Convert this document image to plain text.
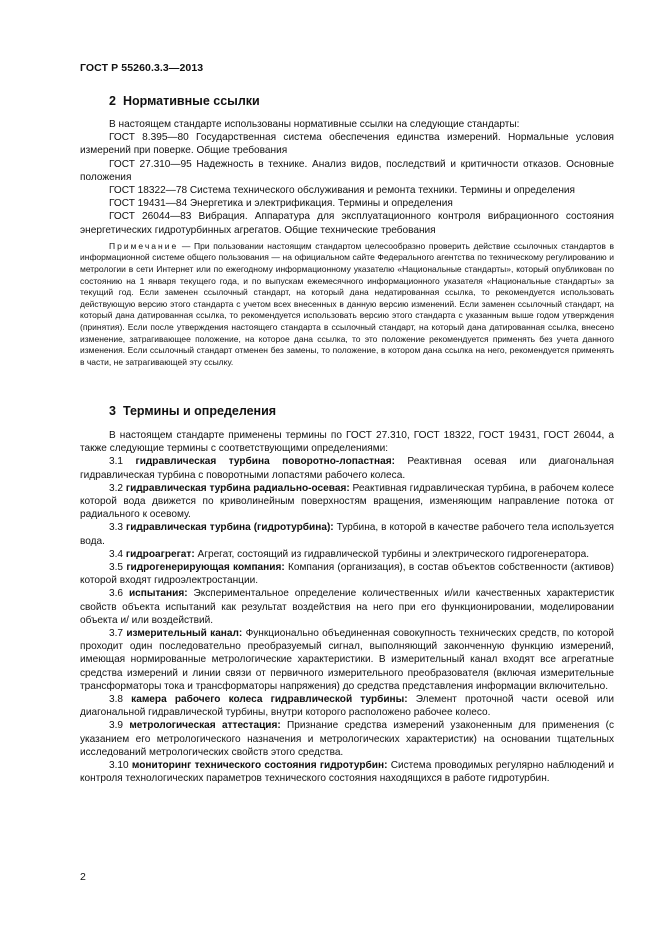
ГОСТ Р 55260.3.3—2013
2 Нормативные ссылки

В настоящем стандарте использованы нормативные ссылки на следующие стандарты:

ГОСТ 8.395—80 Государственная система обеспечения единства измерений. Нормальные условия измерений при поверке. Общие требования

ГОСТ 27.310—95 Надежность в технике. Анализ видов, последствий и критичности отказов. Основные положения

ГОСТ 18322—78 Система технического обслуживания и ремонта техники. Термины и определения

ГОСТ 19431—84 Энергетика и электрификация. Термины и определения

ГОСТ 26044—83 Вибрация. Аппаратура для эксплуатационного контроля вибрационного состояния энергетических гидротурбинных агрегатов. Общие технические требования

Примечание — При пользовании настоящим стандартом целесообразно проверить действие ссылочных стандартов в информационной системе общего пользования — на официальном сайте Федерального агентства по техническому регулированию и метрологии в сети Интернет или по ежегодному информационному указателю «Национальные стандарты», который опубликован по состоянию на 1 января текущего года, и по выпускам ежемесячного информационного указателя «Национальные стандарты» за текущий год. Если заменен ссылочный стандарт, на который дана недатированная ссылка, то рекомендуется использовать действующую версию этого стандарта с учетом всех внесенных в данную версию изменений. Если заменен ссылочный стандарт, на который дана датированная ссылка, то рекомендуется использовать версию этого стандарта с указанным выше годом утверждения (принятия). Если после утверждения настоящего стандарта в ссылочный стандарт, на который дана датированная ссылка, внесено изменение, затрагивающее положение, на которое дана ссылка, то это положение рекомендуется применять без учета данного изменения. Если ссылочный стандарт отменен без замены, то положение, в котором дана ссылка на него, рекомендуется применять в части, не затрагивающей эту ссылку.

3 Термины и определения

В настоящем стандарте применены термины по ГОСТ 27.310, ГОСТ 18322, ГОСТ 19431, ГОСТ 26044, а также следующие термины с соответствующими определениями:

3.1 гидравлическая турбина поворотно-лопастная: Реактивная осевая или диагональная гидравлическая турбина с поворотными лопастями рабочего колеса.

3.2 гидравлическая турбина радиально-осевая: Реактивная гидравлическая турбина, в рабочем колесе которой вода движется по криволинейным поверхностям вращения, изменяющим направление потока от радиального к осевому.

3.3 гидравлическая турбина (гидротурбина): Турбина, в которой в качестве рабочего тела используется вода.

3.4 гидроагрегат: Агрегат, состоящий из гидравлической турбины и электрического гидрогенератора.

3.5 гидрогенерирующая компания: Компания (организация), в состав объектов собственности (активов) которой входят гидроэлектростанции.

3.6 испытания: Экспериментальное определение количественных и/или качественных характеристик свойств объекта испытаний как результат воздействия на него при его функционировании, моделировании объекта и/ или воздействий.

3.7 измерительный канал: Функционально объединенная совокупность технических средств, по которой проходит один последовательно преобразуемый сигнал, выполняющий законченную функцию измерений, имеющая нормированные метрологические характеристики. В измерительный канал входят все агрегатные средства измерений и линии связи от первичного измерительного преобразователя (включая измерительные трансформаторы тока и трансформаторы напряжения) до средства представления информации включительно.

3.8 камера рабочего колеса гидравлической турбины: Элемент проточной части осевой или диагональной гидравлической турбины, внутри которого расположено рабочее колесо.

3.9 метрологическая аттестация: Признание средства измерений узаконенным для применения (с указанием его метрологического назначения и метрологических характеристик) на основании тщательных исследований метрологических свойств этого средства.

3.10 мониторинг технического состояния гидротурбин: Система проводимых регулярно наблюдений и контроля технологических параметров технического состояния находящихся в работе гидротурбин.

2
